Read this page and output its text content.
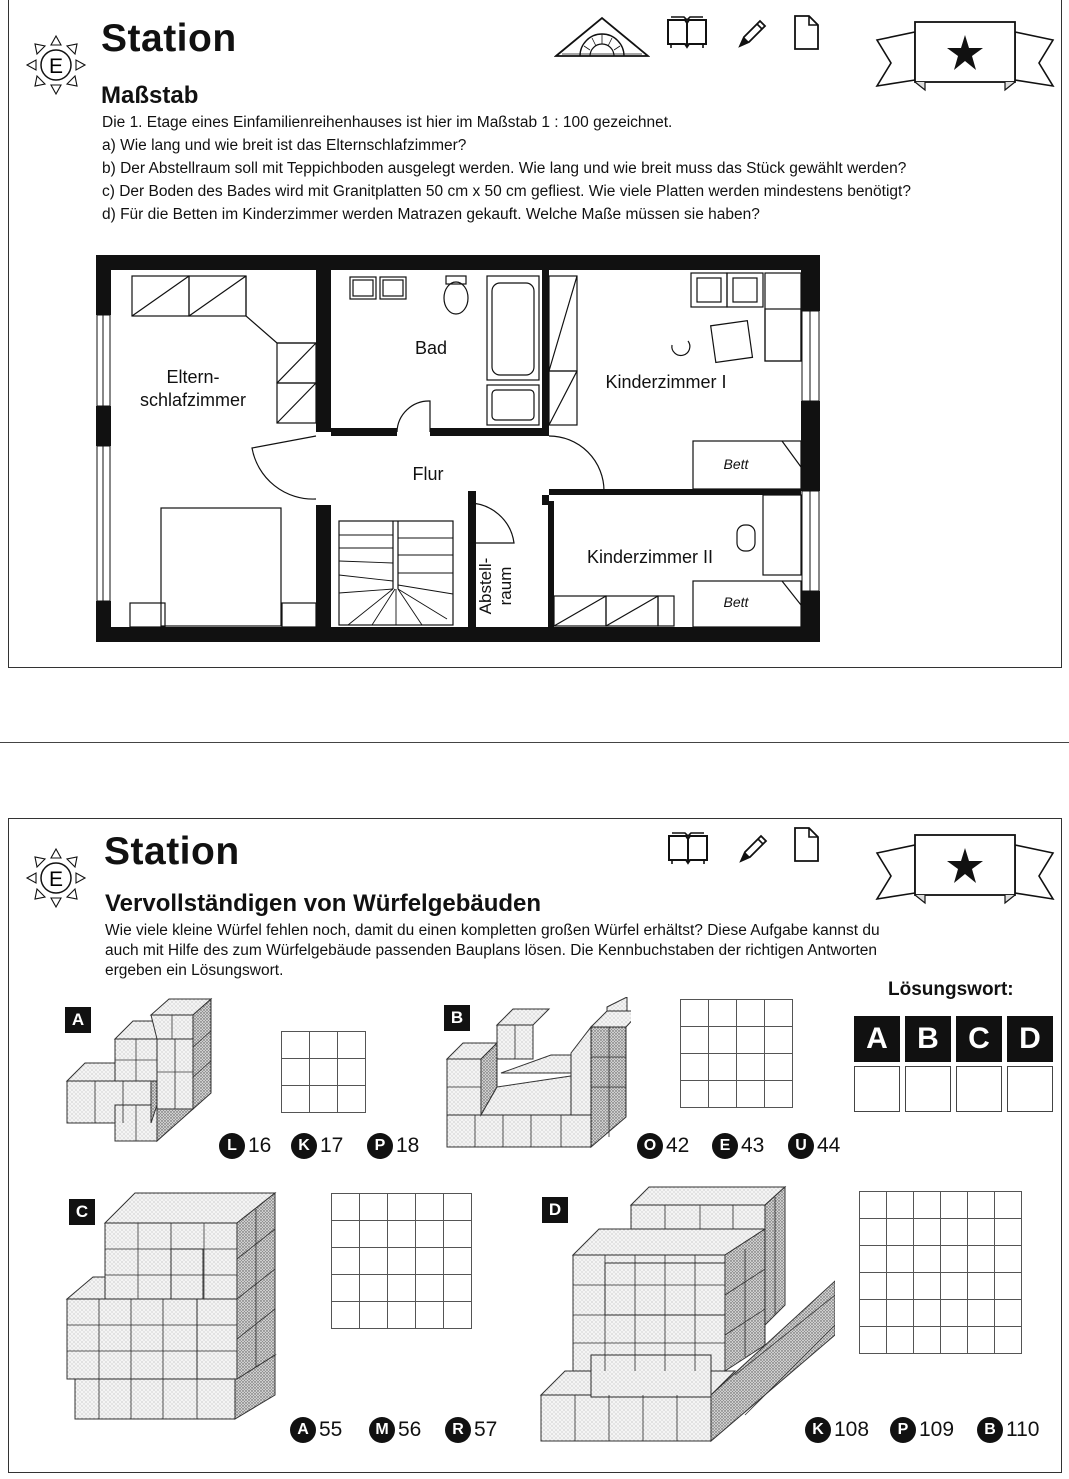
E
Station
Maßstab
Die 1. Etage eines Einfamilienreihenhauses ist hier im Maßstab 1 : 100 gezeichnet.
a) Wie lang und wie breit ist das Elternschlafzimmer?
b) Der Abstellraum soll mit Teppichboden ausgelegt werden. Wie lang und wie breit muss das Stück gewählt werden?
c) Der Boden des Bades wird mit Granitplatten 50 cm x 50 cm gefliest. Wie viele Platten werden mindestens benötigt?
d) Für die Betten im Kinderzimmer werden Matrazen gekauft. Welche Maße müssen sie haben?
Eltern-
schlafzimmer
Bad
Flur
Kinderzimmer I
Kinderzimmer II
Abstell- raum
Bett
Bett
E
Station
Vervollständigen von Würfelgebäuden
Wie viele kleine Würfel fehlen noch, damit du einen kompletten großen Würfel erhältst? Diese Aufgabe kannst du
auch mit Hilfe des zum Würfelgebäude passenden Bauplans lösen. Die Kennbuchstaben der richtigen Antworten
ergeben ein Lösungswort.
Lösungswort:
A B C D
A	B
C	D

L 16	K 17	P 18	O 42	E 43	U 44
A 55	M 56	R 57	K 108	P 109	B 110
